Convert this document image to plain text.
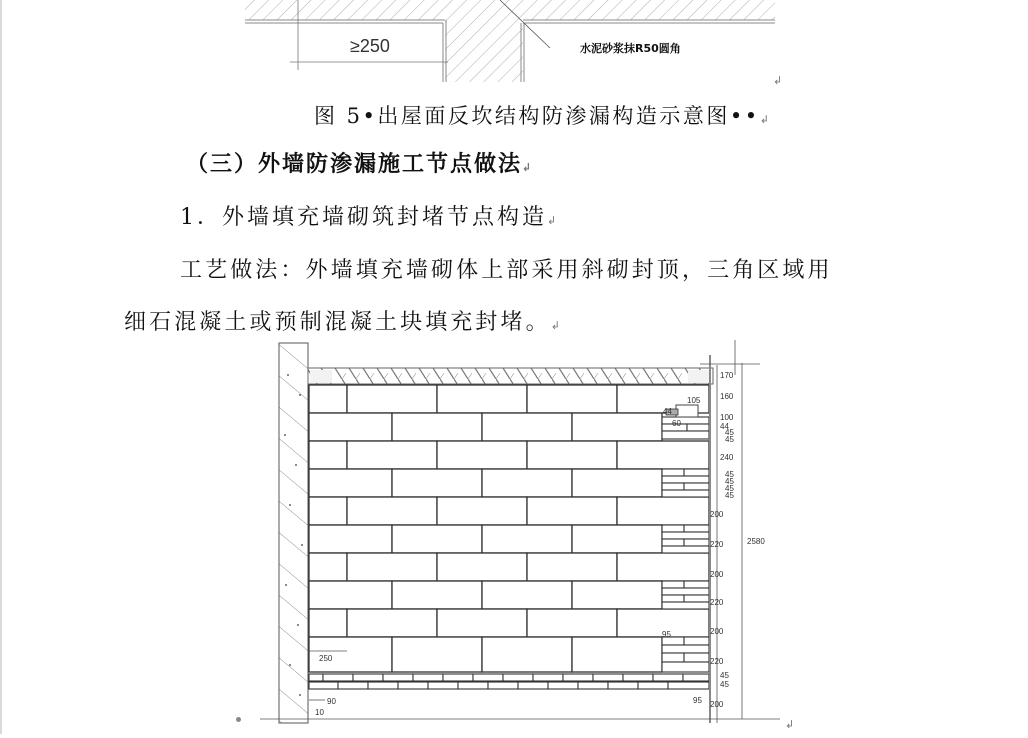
≥250	水泥砂浆抹R50圆角
↲
图 5•出屋面反坎结构防渗漏构造示意图••↲
（三）外墙防渗漏施工节点做法↲
1．外墙填充墙砌筑封堵节点构造↲
工艺做法：外墙填充墙砌体上部采用斜砌封顶，三角区域用
细石混凝土或预制混凝土块填充封堵。↲
170
160
100
44
45
45
240
45
45
45
45
200
220
200
220
200
220
45
45
200
2580
105
44
60
95
95
250
90
10
↲
